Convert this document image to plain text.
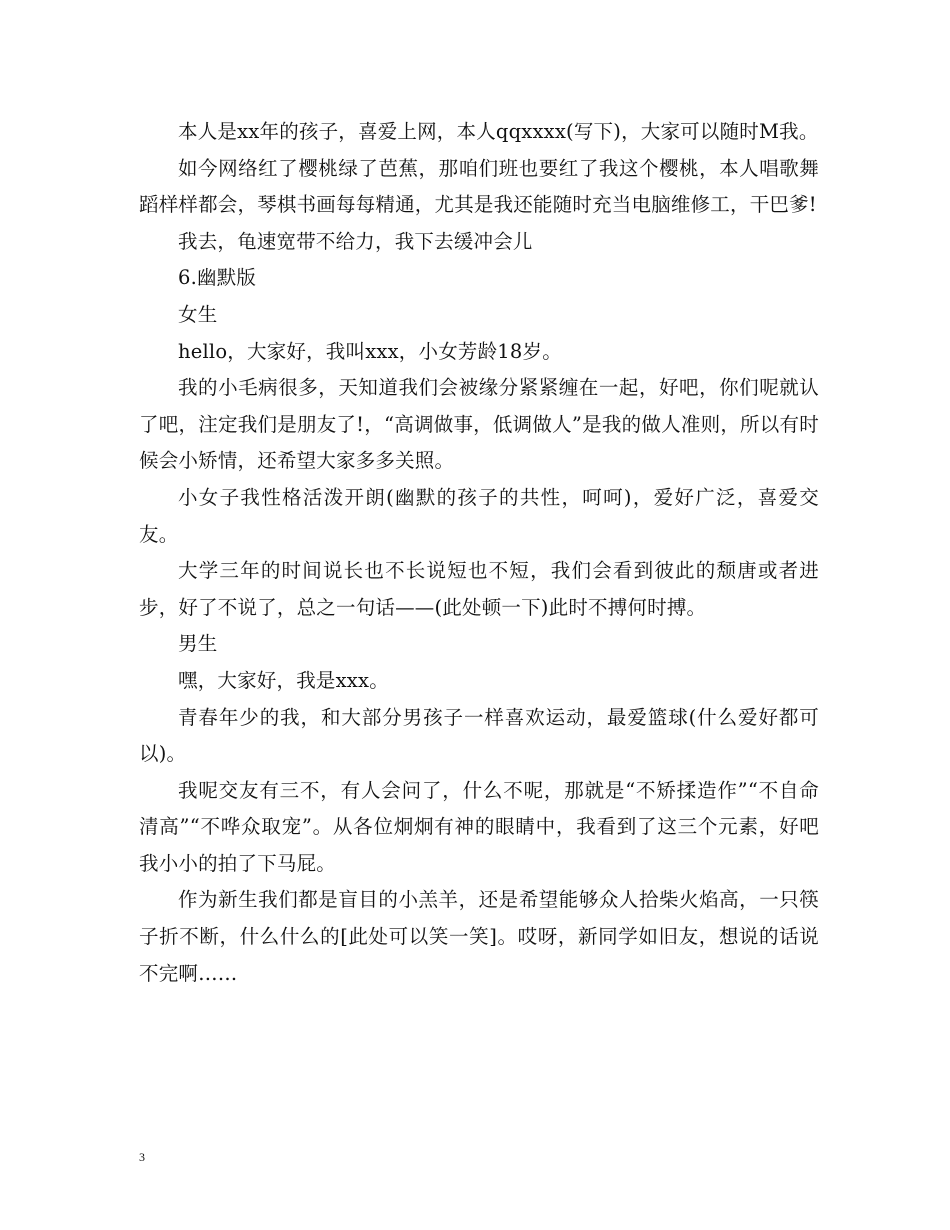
本人是xx年的孩子，喜爱上网，本人qqxxxx(写下)，大家可以随时M我。

如今网络红了樱桃绿了芭蕉，那咱们班也要红了我这个樱桃，本人唱歌舞蹈样样都会，琴棋书画每每精通，尤其是我还能随时充当电脑维修工，干巴爹!

我去，龟速宽带不给力，我下去缓冲会儿

6.幽默版

女生

hello，大家好，我叫xxx，小女芳龄18岁。

我的小毛病很多，天知道我们会被缘分紧紧缠在一起，好吧，你们呢就认了吧，注定我们是朋友了!，“高调做事，低调做人”是我的做人准则，所以有时候会小矫情，还希望大家多多关照。

小女子我性格活泼开朗(幽默的孩子的共性，呵呵)，爱好广泛，喜爱交友。

大学三年的时间说长也不长说短也不短，我们会看到彼此的颓唐或者进步，好了不说了，总之一句话——(此处顿一下)此时不搏何时搏。

男生

嘿，大家好，我是xxx。

青春年少的我，和大部分男孩子一样喜欢运动，最爱篮球(什么爱好都可以)。

我呢交友有三不，有人会问了，什么不呢，那就是“不矫揉造作”“不自命清高”“不哗众取宠”。从各位炯炯有神的眼睛中，我看到了这三个元素，好吧我小小的拍了下马屁。

作为新生我们都是盲目的小羔羊，还是希望能够众人拾柴火焰高，一只筷子折不断，什么什么的[此处可以笑一笑]。哎呀，新同学如旧友，想说的话说不完啊……

3
